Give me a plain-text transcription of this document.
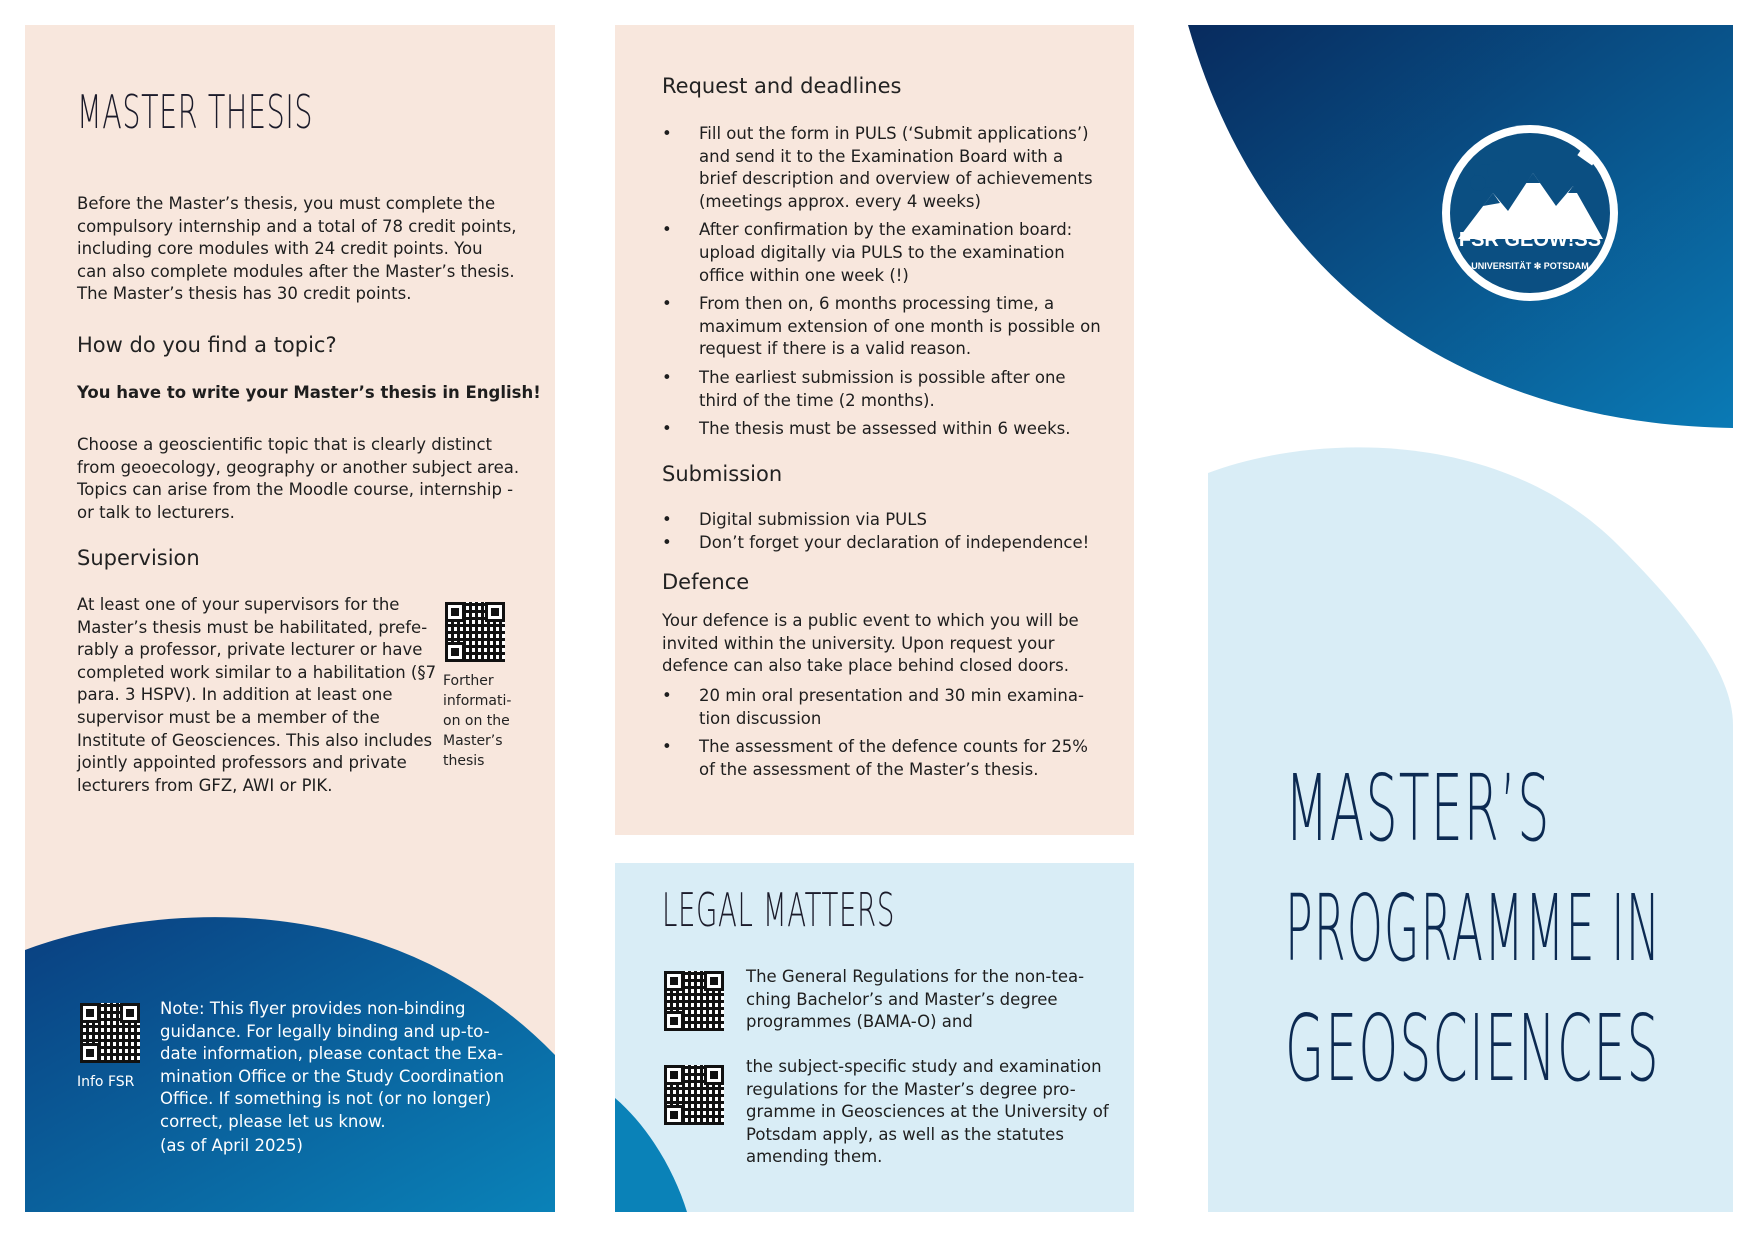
MASTER THESIS
Before the Master’s thesis, you must complete the compulsory internship and a total of 78 credit points, including core modules with 24 credit points. You can also complete modules after the Master’s thesis. The Master’s thesis has 30 credit points.
How do you find a topic?
You have to write your Master’s thesis in English!
Choose a geoscientific topic that is clearly distinct from geoecology, geography or another subject area. Topics can arise from the Moodle course, internship - or talk to lecturers.
Supervision
At least one of your supervisors for the Master’s thesis must be habilitated, prefe-rably a professor, private lecturer or have completed work similar to a habilitation (§7 para. 3 HSPV). In addition at least one supervisor must be a member of the Institute of Geosciences. This also includes jointly appointed professors and private lecturers from GFZ, AWI or PIK.
Forther informati-on on the Master’s thesis
Info FSR
Note: This flyer provides non-binding guidance. For legally binding and up-to-date information, please contact the Exa-mination Office or the Study Coordination Office. If something is not (or no longer) correct, please let us know.
(as of April 2025)
Request and deadlines
• Fill out the form in PULS (‘Submit applications’) and send it to the Examination Board with a brief description and overview of achievements (meetings approx. every 4 weeks)
• After confirmation by the examination board: upload digitally via PULS to the examination office within one week (!)
• From then on, 6 months processing time, a maximum extension of one month is possible on request if there is a valid reason.
• The earliest submission is possible after one third of the time (2 months).
• The thesis must be assessed within 6 weeks.
Submission
• Digital submission via PULS
• Don’t forget your declaration of independence!
Defence
Your defence is a public event to which you will be invited within the university. Upon request your defence can also take place behind closed doors.
• 20 min oral presentation and 30 min examina-tion discussion
• The assessment of the defence counts for 25% of the assessment of the Master’s thesis.
LEGAL MATTERS
The General Regulations for the non-tea-ching Bachelor’s and Master’s degree programmes (BAMA-O) and
the subject-specific study and examination regulations for the Master’s degree pro-gramme in Geosciences at the University of Potsdam apply, as well as the statutes amending them.
FSR GEOW!SS
UNIVERSITÄT ✻ POTSDAM
MASTER’S
PROGRAMME IN
GEOSCIENCES
